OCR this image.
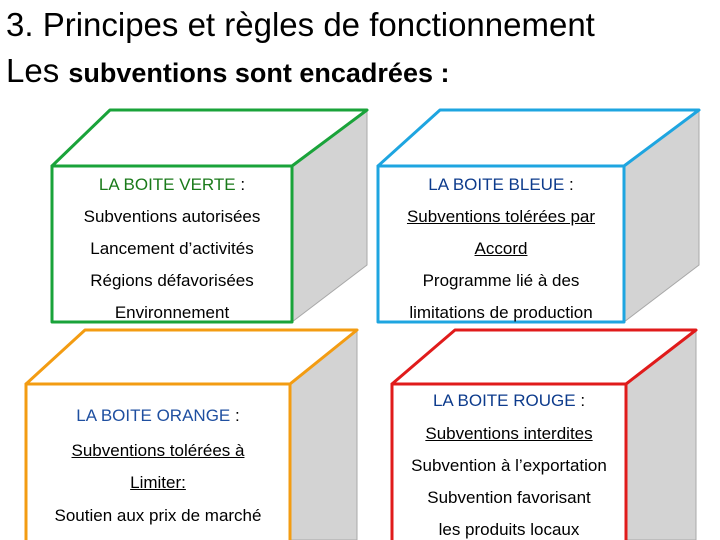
3. Principes et règles de fonctionnement
Les subventions sont encadrées :
LA BOITE VERTE :
Subventions autorisées
Lancement d’activités
Régions défavorisées
Environnement
LA BOITE BLEUE :
Subventions tolérées par
Accord
Programme lié à des
limitations de production
LA BOITE ORANGE :
Subventions tolérées à
Limiter:
Soutien aux prix de marché
LA BOITE ROUGE :
Subventions interdites
Subvention à l’exportation
Subvention favorisant
les produits locaux
